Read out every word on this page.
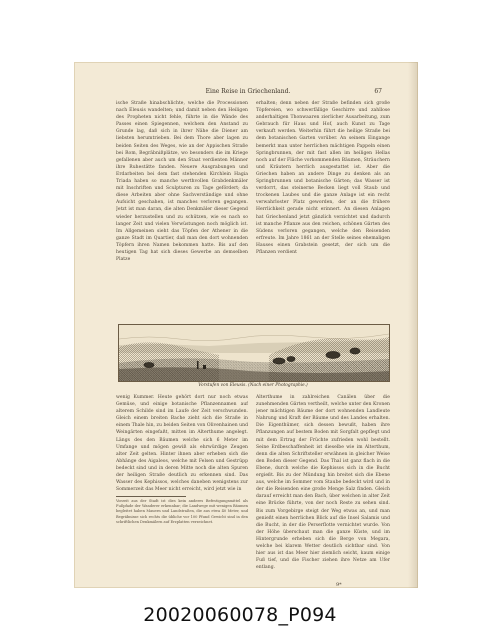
Eine Reise in Griechenland.	67
ische Straße hinabschlichte, welche die Processionen nach Eleusis wandelten; und damit neben den Heiligen des Propheten nicht fehle, führte in die Wände des Passes einen Spiegennen, welchem den Anstand zu Grunde lag, daß sich in ihrer Nähe die Diener am liebsten herumtrieben. Bei dem Thore aber lagen zu beiden Seiten des Weges, wie an der Appischen Straße bei Rom, Begräbnißplätze, wo besonders die im Kriege gefallenen aber auch um den Staat verdienten Männer ihre Ruhestätte fanden. Neuere Ausgrabungen und Erdarbeiten bei dem fast stehenden Kirchlein Hagia Triada haben so manche werthvollen Grabdenkmäler mit Inschriften und Sculpturen zu Tage gefördert; da diese Arbeiten aber ohne Sachverständige und ohne Aufsicht geschahen, ist manches verloren gegangen. Jetzt ist man daran, die alten Denkmäler dieser Gegend wieder herzustellen und zu schützen, wie es nach so langer Zeit und vielen Verwüstungen noch möglich ist. Im Allgemeinen sieht das Töpfen der Athener in die ganze Stadt im Quartier, daß man den dort wohnenden Töpfern ihren Namen bekommen hatte. Bis auf den heutigen Tag hat sich dieses Gewerbe an demselben Platze
erhalten; denn neben der Straße befinden sich große Töpfereien, wo schwerfällige Geschirre und zahllose anderhaltigen Thonwaaren zierlicher Ausarbeitung, zum Gebrauch für Haus und Hof, auch Kunst zu Tage verkauft werden. Weiterhin führt die heilige Straße bei dem botanischen Garten vorüber. An seinem Eingange bemerkt man unter herrlichen mächtigen Pappeln einen Springbrunnen, der mit fast allen im heiligen Hellas noch auf der Fläche vorkommenden Bäumen, Sträuchern und Kräutern herrlich ausgestattet ist. Aber die Griechen haben an andere Dinge zu denken als an Springbrunnen und botanische Gärten; das Wasser ist verdorrt, das steinerne Becken liegt voll Staub und trockenen Laubes und die ganze Anlage ist ein recht verwahrloster Platz geworden, der an die frühere Herrlichkeit gerade nicht erinnert. An diesen Anlagen hat Griechenland jetzt gänzlich verzichtet und dadurch ist manche Pflanze aus den reichen, schönen Gärten des Südens verloren gegangen, welche den Reisenden erfreute. Im Jahre 1861 an der Stelle seines ehemaligen Hauses einen Grabstein gesetzt, der sich um die Pflanzen verdient
Vorstufen von Eleusis. (Nach einer Photographie.)
wenig Kummer. Heute gehört dort nur noch etwas Gemüse, und einige botanische Pflanzennamen auf alterem Schilde sind im Laufe der Zeit verschwunden. Gleich einem breiten Bache zieht sich die Straße in einem Thale hin, zu beiden Seiten von Olivenhainen und Weingärten eingefaßt, mitten im Alterthume angelegt. Längs des den Bäumen welche sich 6 Meter im Umfange und mögen gewiß als ehrwürdige Zeugen alter Zeit gelten. Hinter ihnen aber erheben sich die Abhänge des Aigaleos, welche mit Felsen und Gestrüpp bedeckt sind und in deren Mitte noch die alten Spuren der heiligen Straße deutlich zu erkennen sind. Das Wasser des Kephissos, welches daneben wenigstens zur Sommerzeit das Meer nicht erreicht, wird jetzt wie in
Alterthume in zahlreichen Canälen über die zunehmenden Gärten vertheilt, welche unter den Kronen jener mächtigen Bäume der dort wohnenden Landleute Nahrung und Kraft der Bäume und des Landes erhalten. Die Eigenthümer, sich dessen bewußt, haben ihre Pflanzungen auf bestem Boden mit Sorgfalt gepflegt und mit dem Ertrag der Früchte zufrieden wohl bestellt. Seine Erdbeschaffenheit ist dieselbe wie im Alterthum, denn die alten Schriftsteller erwähnen in gleicher Weise den Boden dieser Gegend. Das Thal ist ganz flach in die Ebene, durch welche die Kephissos sich in die Bucht ergießt. Bis zu der Mündung hin breitet sich die Ebene aus, welche im Sommer vom Staube bedeckt wird und in der die Reisenden eine große Menge Salz finden. Gleich darauf erreicht man den Bach, über welchen in alter Zeit eine Brücke führte, von der noch Reste zu sehen sind. Bis zum Vorgebirge steigt der Weg etwas an, und man genießt einen herrlichen Blick auf die Insel Salamis und die Bucht, in der die Perserflotte vernichtet wurde. Von der Höhe überschaut man die ganze Küste, und im Hintergrunde erheben sich die Berge von Megara, welche bei klarem Wetter deutlich sichtbar sind. Von hier aus ist das Meer hier ziemlich seicht, kaum einige Fuß tief, und die Fischer ziehen ihre Netze am Ufer entlang.
Vorzeit aus der Stadt ist dies kein anderes Befestigungsmittel als Fußpfade der Wanderer erkennbar; die Landwege mit wenigen Bäumen begleitet haben Mauern und Landstraßen, die aus etwa 40 Meter, und Begräbnisse sich rechts die übliche vor 100 Pfund Gewicht sind in den schriftlichen Denkmälern auf Erzplatten verzeichnet.
9*
20020060078_P094
